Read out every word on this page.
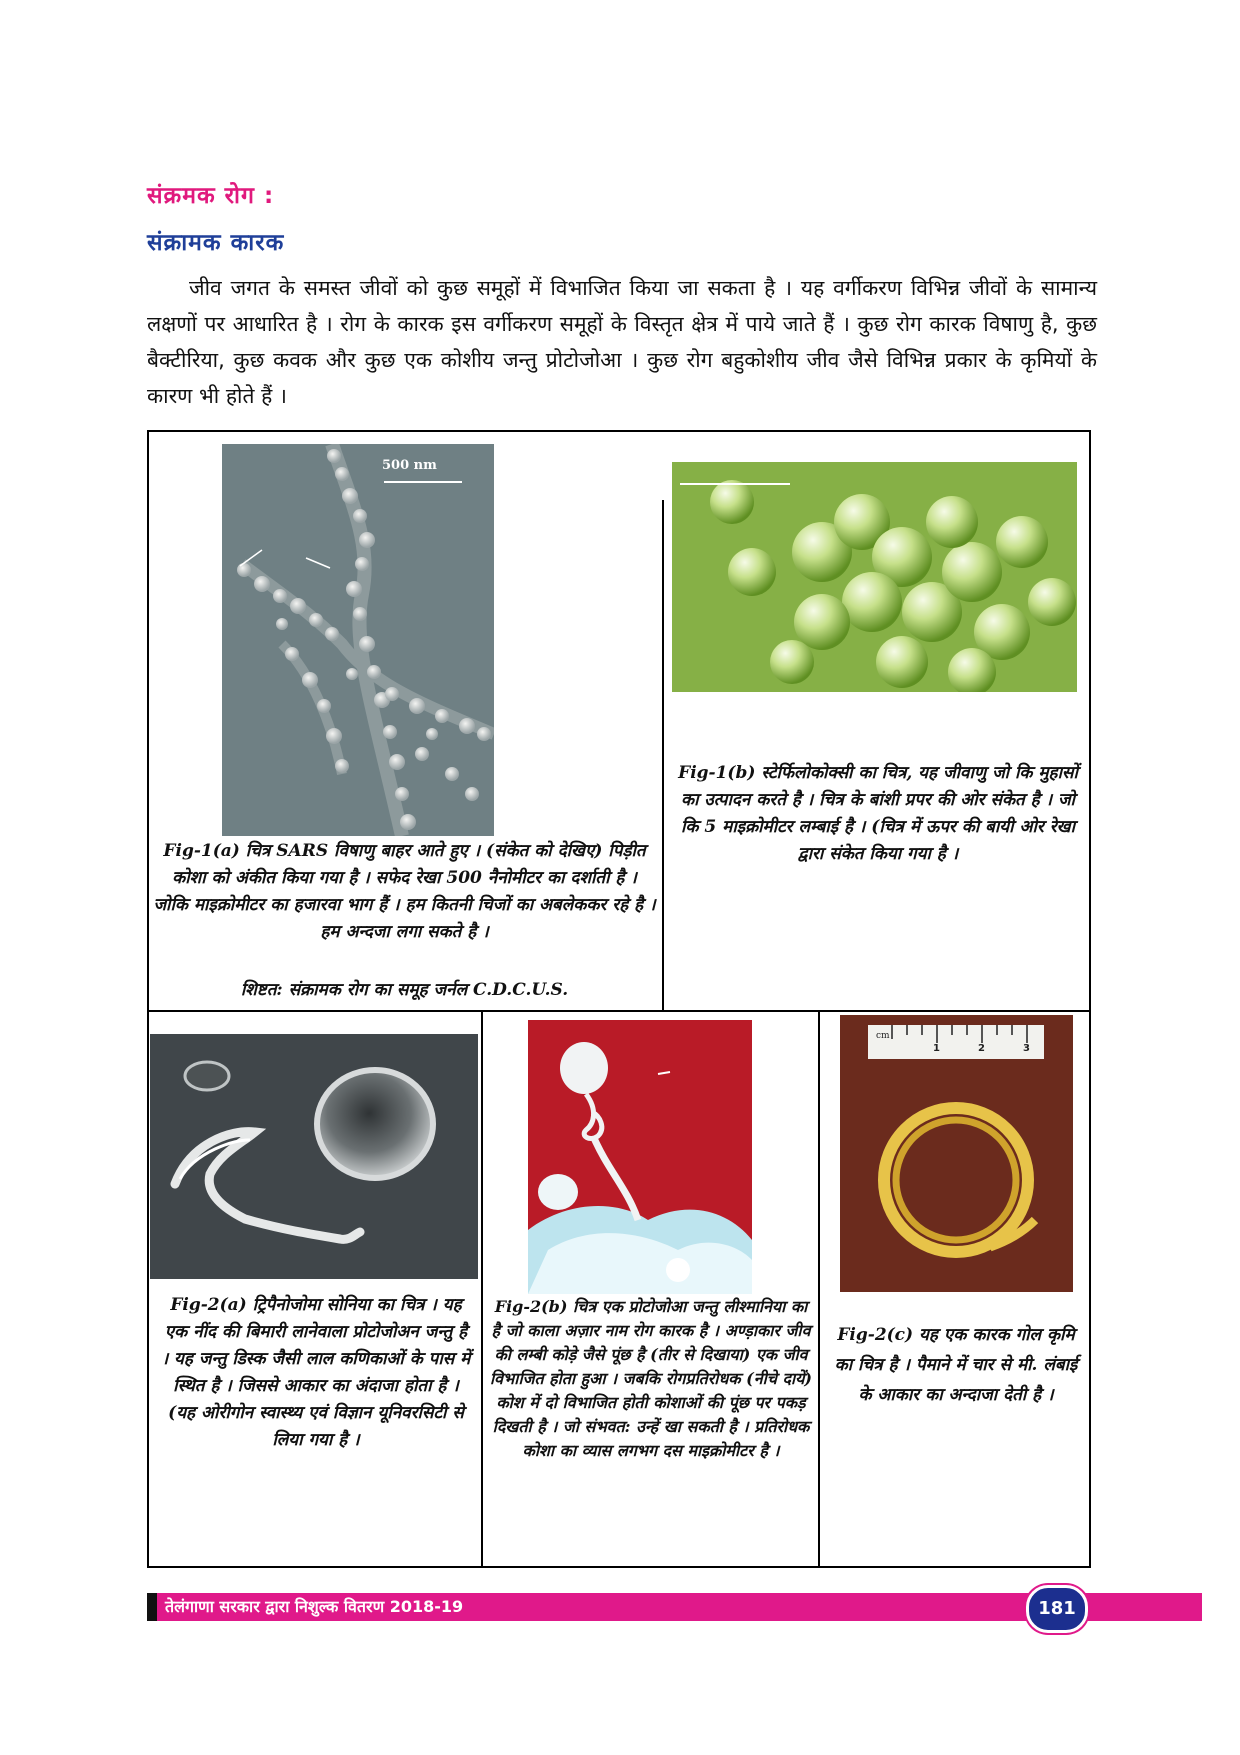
संक्रमक रोग :
संक्रामक कारक
जीव जगत के समस्त जीवों को कुछ समूहों में विभाजित किया जा सकता है । यह वर्गीकरण विभिन्न जीवों के सामान्य लक्षणों पर आधारित है । रोग के कारक इस वर्गीकरण समूहों के विस्तृत क्षेत्र में पाये जाते हैं । कुछ रोग कारक विषाणु है, कुछ बैक्टीरिया, कुछ कवक और कुछ एक कोशीय जन्तु प्रोटोजोआ । कुछ रोग बहुकोशीय जीव जैसे विभिन्न प्रकार के कृमियों के कारण भी होते हैं ।
500 nm
Fig-1(a) चित्र SARS विषाणु बाहर आते हुए । (संकेत को देखिए) पिड़ीत कोशा को अंकीत किया गया है । सफेद रेखा 500 नैनोमीटर का दर्शाती है । जोकि माइक्रोमीटर का हजारवा भाग हैं । हम कितनी चिजों का अबलेककर रहे है । हम अन्दजा लगा सकते है ।
शिष्टत: संक्रामक रोग का समूह जर्नल C.D.C.U.S.
Fig-1(b) स्टेर्फिलोकोक्सी का चित्र, यह जीवाणु जो कि मुहासों का उत्पादन करते है । चित्र के बांशी प्रपर की ओर संकेत है । जो कि 5 माइक्रोमीटर लम्बाई है । (चित्र में ऊपर की बायी ओर रेखा द्वारा संकेत किया गया है ।
Fig-2(a) ट्रिपैनोजोमा सोनिया का चित्र । यह एक नींद की बिमारी लानेवाला प्रोटोजोअन जन्तु है । यह जन्तु डिस्क जैसी लाल कणिकाओं के पास में स्थित है । जिससे आकार का अंदाजा होता है ।(यह ओरीगोन स्वास्थ्य एवं विज्ञान यूनिवरसिटी से लिया गया है ।
Fig-2(b) चित्र एक प्रोटोजोआ जन्तु लीश्मानिया का है जो काला अज़ार नाम रोग कारक है । अण्ड़ाकार जीव की लम्बी कोड़े जैसे पूंछ है (तीर से दिखाया) एक जीव विभाजित होता हुआ । जबकि रोगप्रतिरोधक (नीचे दायें) कोश में दो विभाजित होती कोशाओं की पूंछ पर पकड़ दिखती है । जो संभवत: उन्हें खा सकती है । प्रतिरोधक कोशा का व्यास लगभग दस माइक्रोमीटर है ।
cm
1	2	3
Fig-2(c) यह एक कारक गोल कृमि का चित्र है । पैमाने में चार से मी. लंबाई के आकार का अन्दाजा देती है ।
तेलंगाणा सरकार द्वारा निशुल्क वितरण 2018-19	181
